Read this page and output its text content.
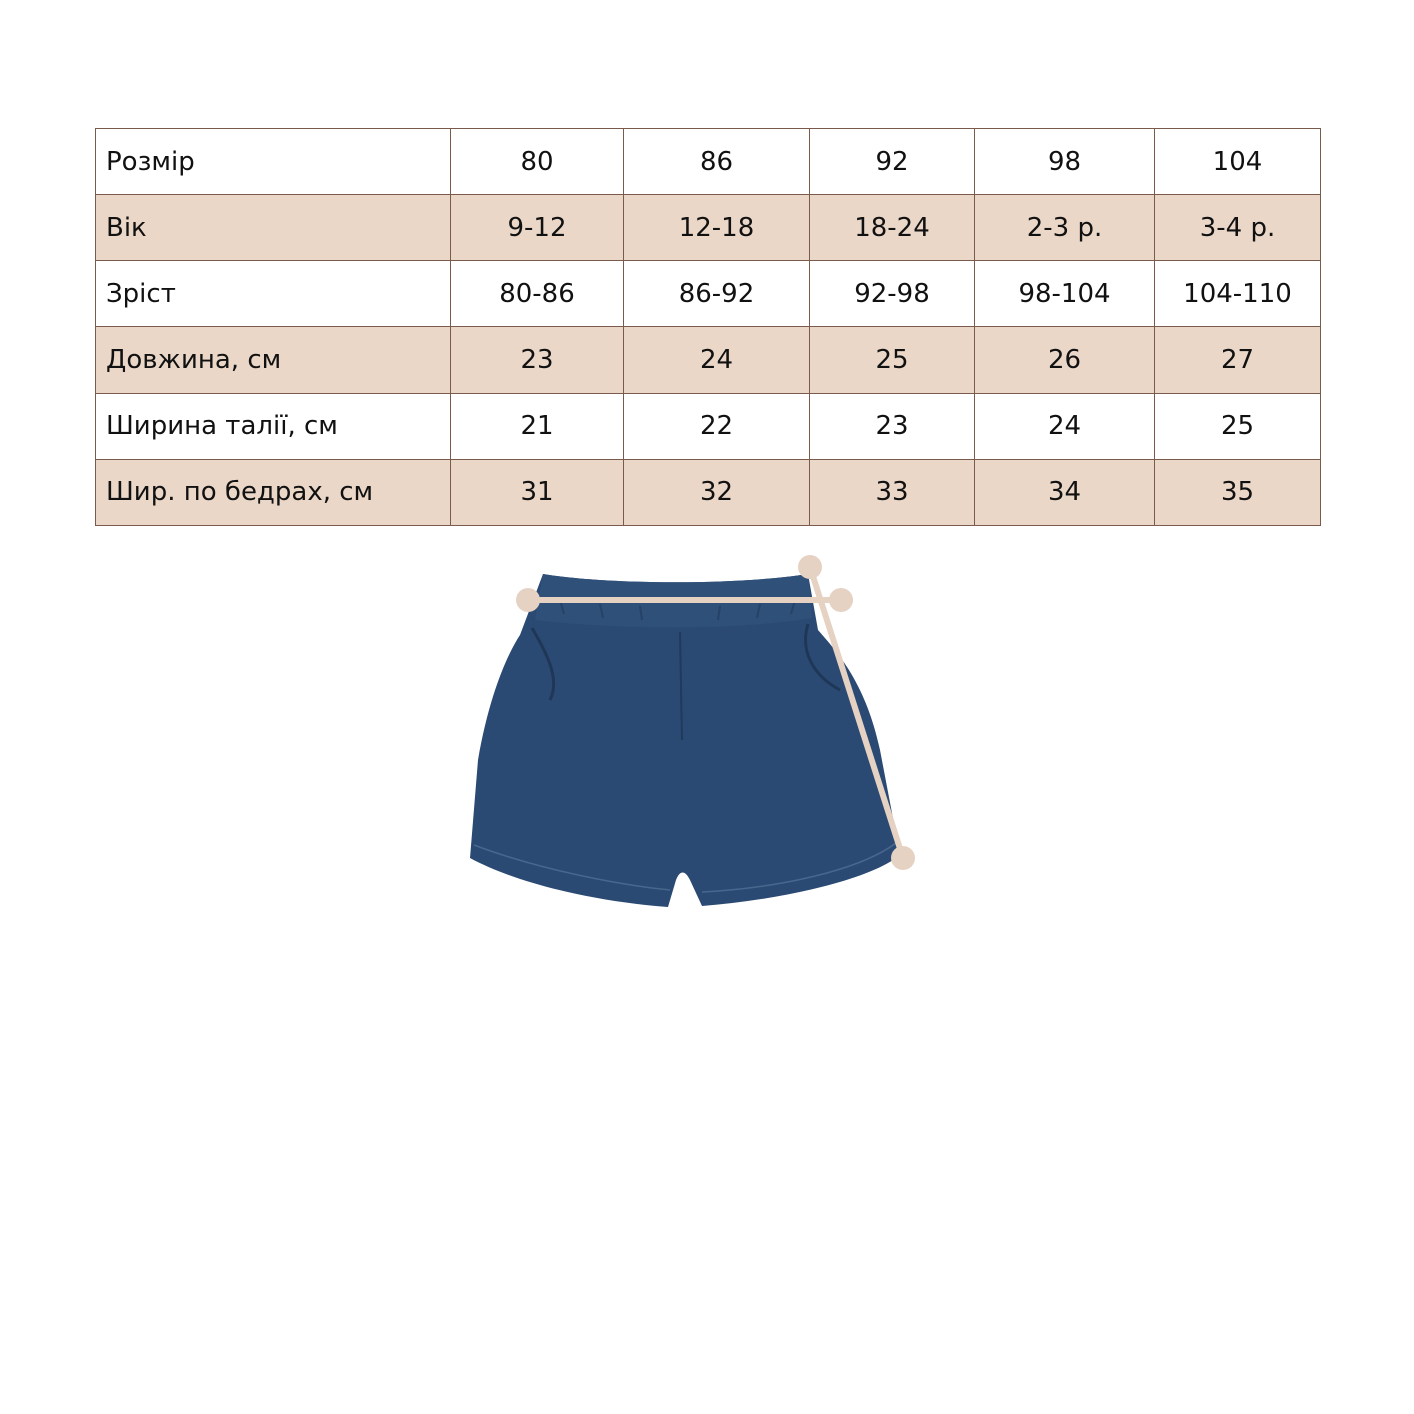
Розмір	80	86	92	98	104
Вік	9-12	12-18	18-24	2-3 р.	3-4 р.
Зріст	80-86	86-92	92-98	98-104	104-110
Довжина, см	23	24	25	26	27
Ширина талії, см	21	22	23	24	25
Шир. по бедрах, см	31	32	33	34	35
